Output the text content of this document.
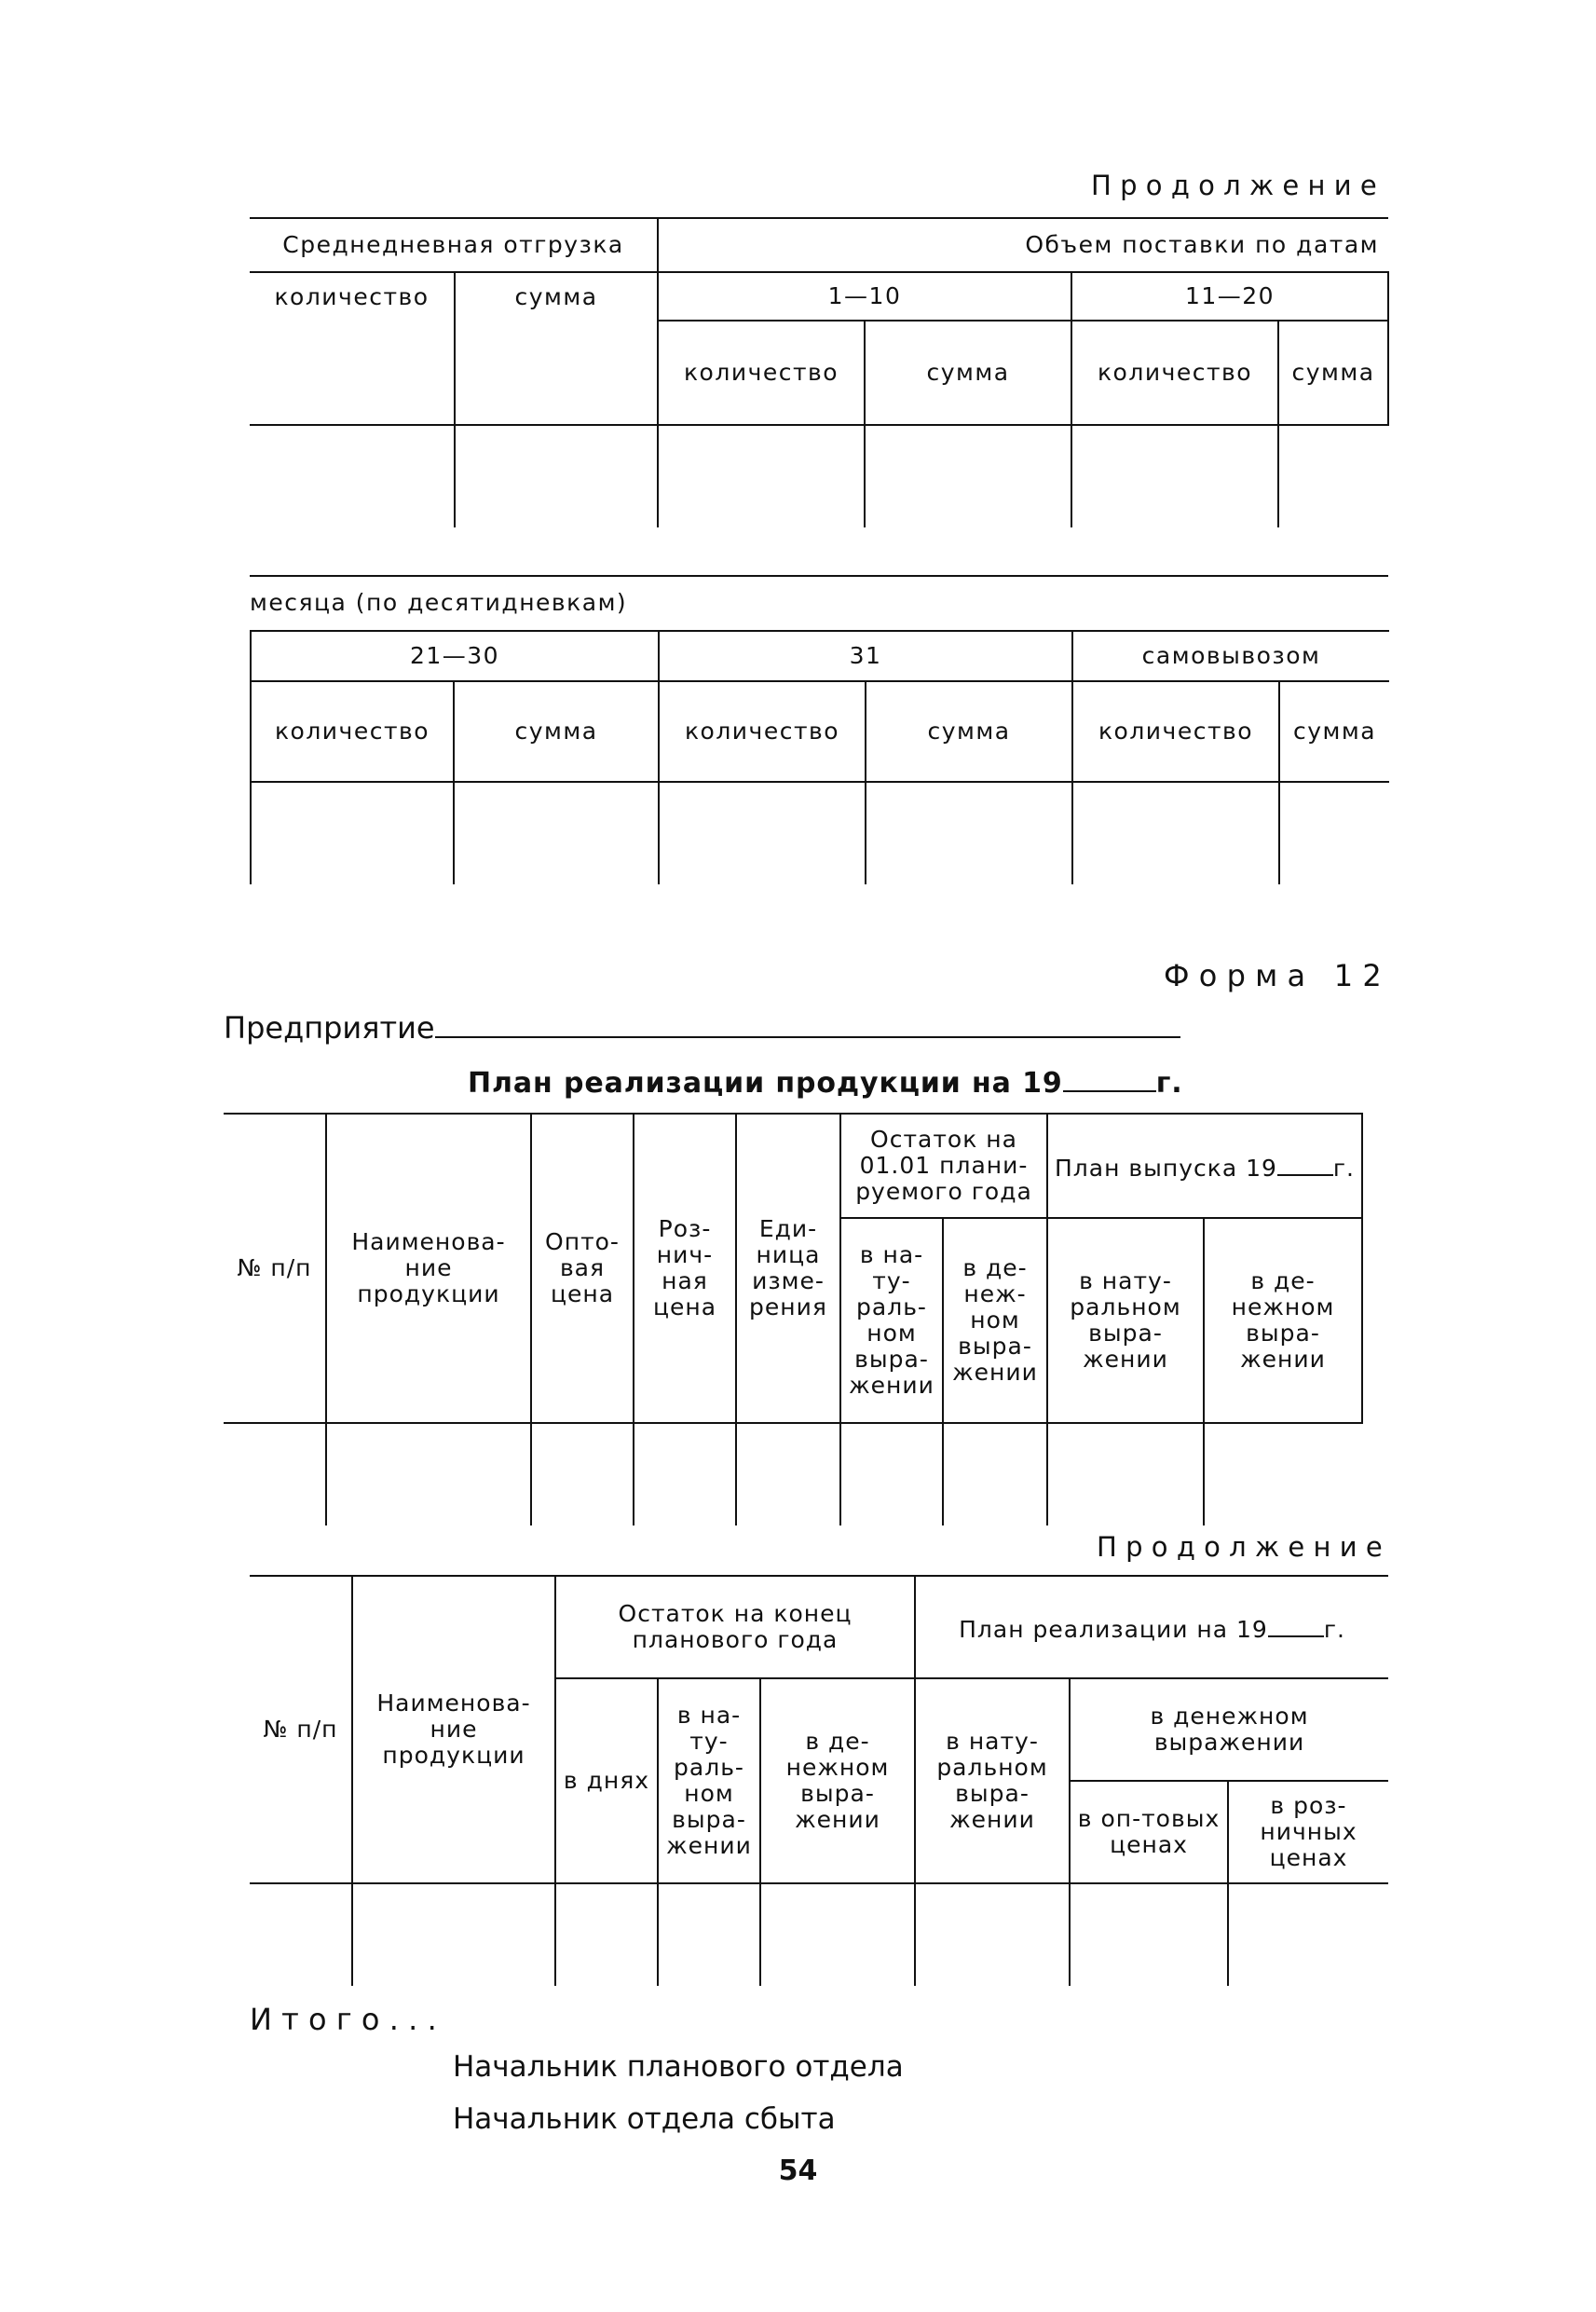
Продолжение
Среднедневная отгрузка		Объем поставки по датам			
количество	сумма	1—10		11—20	
		количество	сумма	количество	сумма

месяца (по десятидневкам)
21—30		31		самовывозом	
количество	сумма	количество	сумма	количество	сумма

Форма 12
Предприятие
План реализации продукции на 19	г.
№ п/п	Наименова-ние продукции	Опто-вая цена	Роз-нич-ная цена	Еди-ница изме-рения	Остаток на 01.01 плани-руемого года		План выпуска 19 г.	
					в на-ту-раль-ном выра-жении	в де-неж-ном выра-жении	в нату-ральном выра-жении	в де-нежном выра-жении

Продолжение
№ п/п	Наименова-ние продукции	Остаток на конец планового года			План реализации на 19 г.		
		в днях	в на-ту-раль-ном выра-жении	в де-нежном выра-жении	в нату-ральном выра-жении	в денежном выражении	
						в оп-товых ценах	в роз-ничных ценах

Итого...
Начальник планового отдела
Начальник отдела сбыта
54
